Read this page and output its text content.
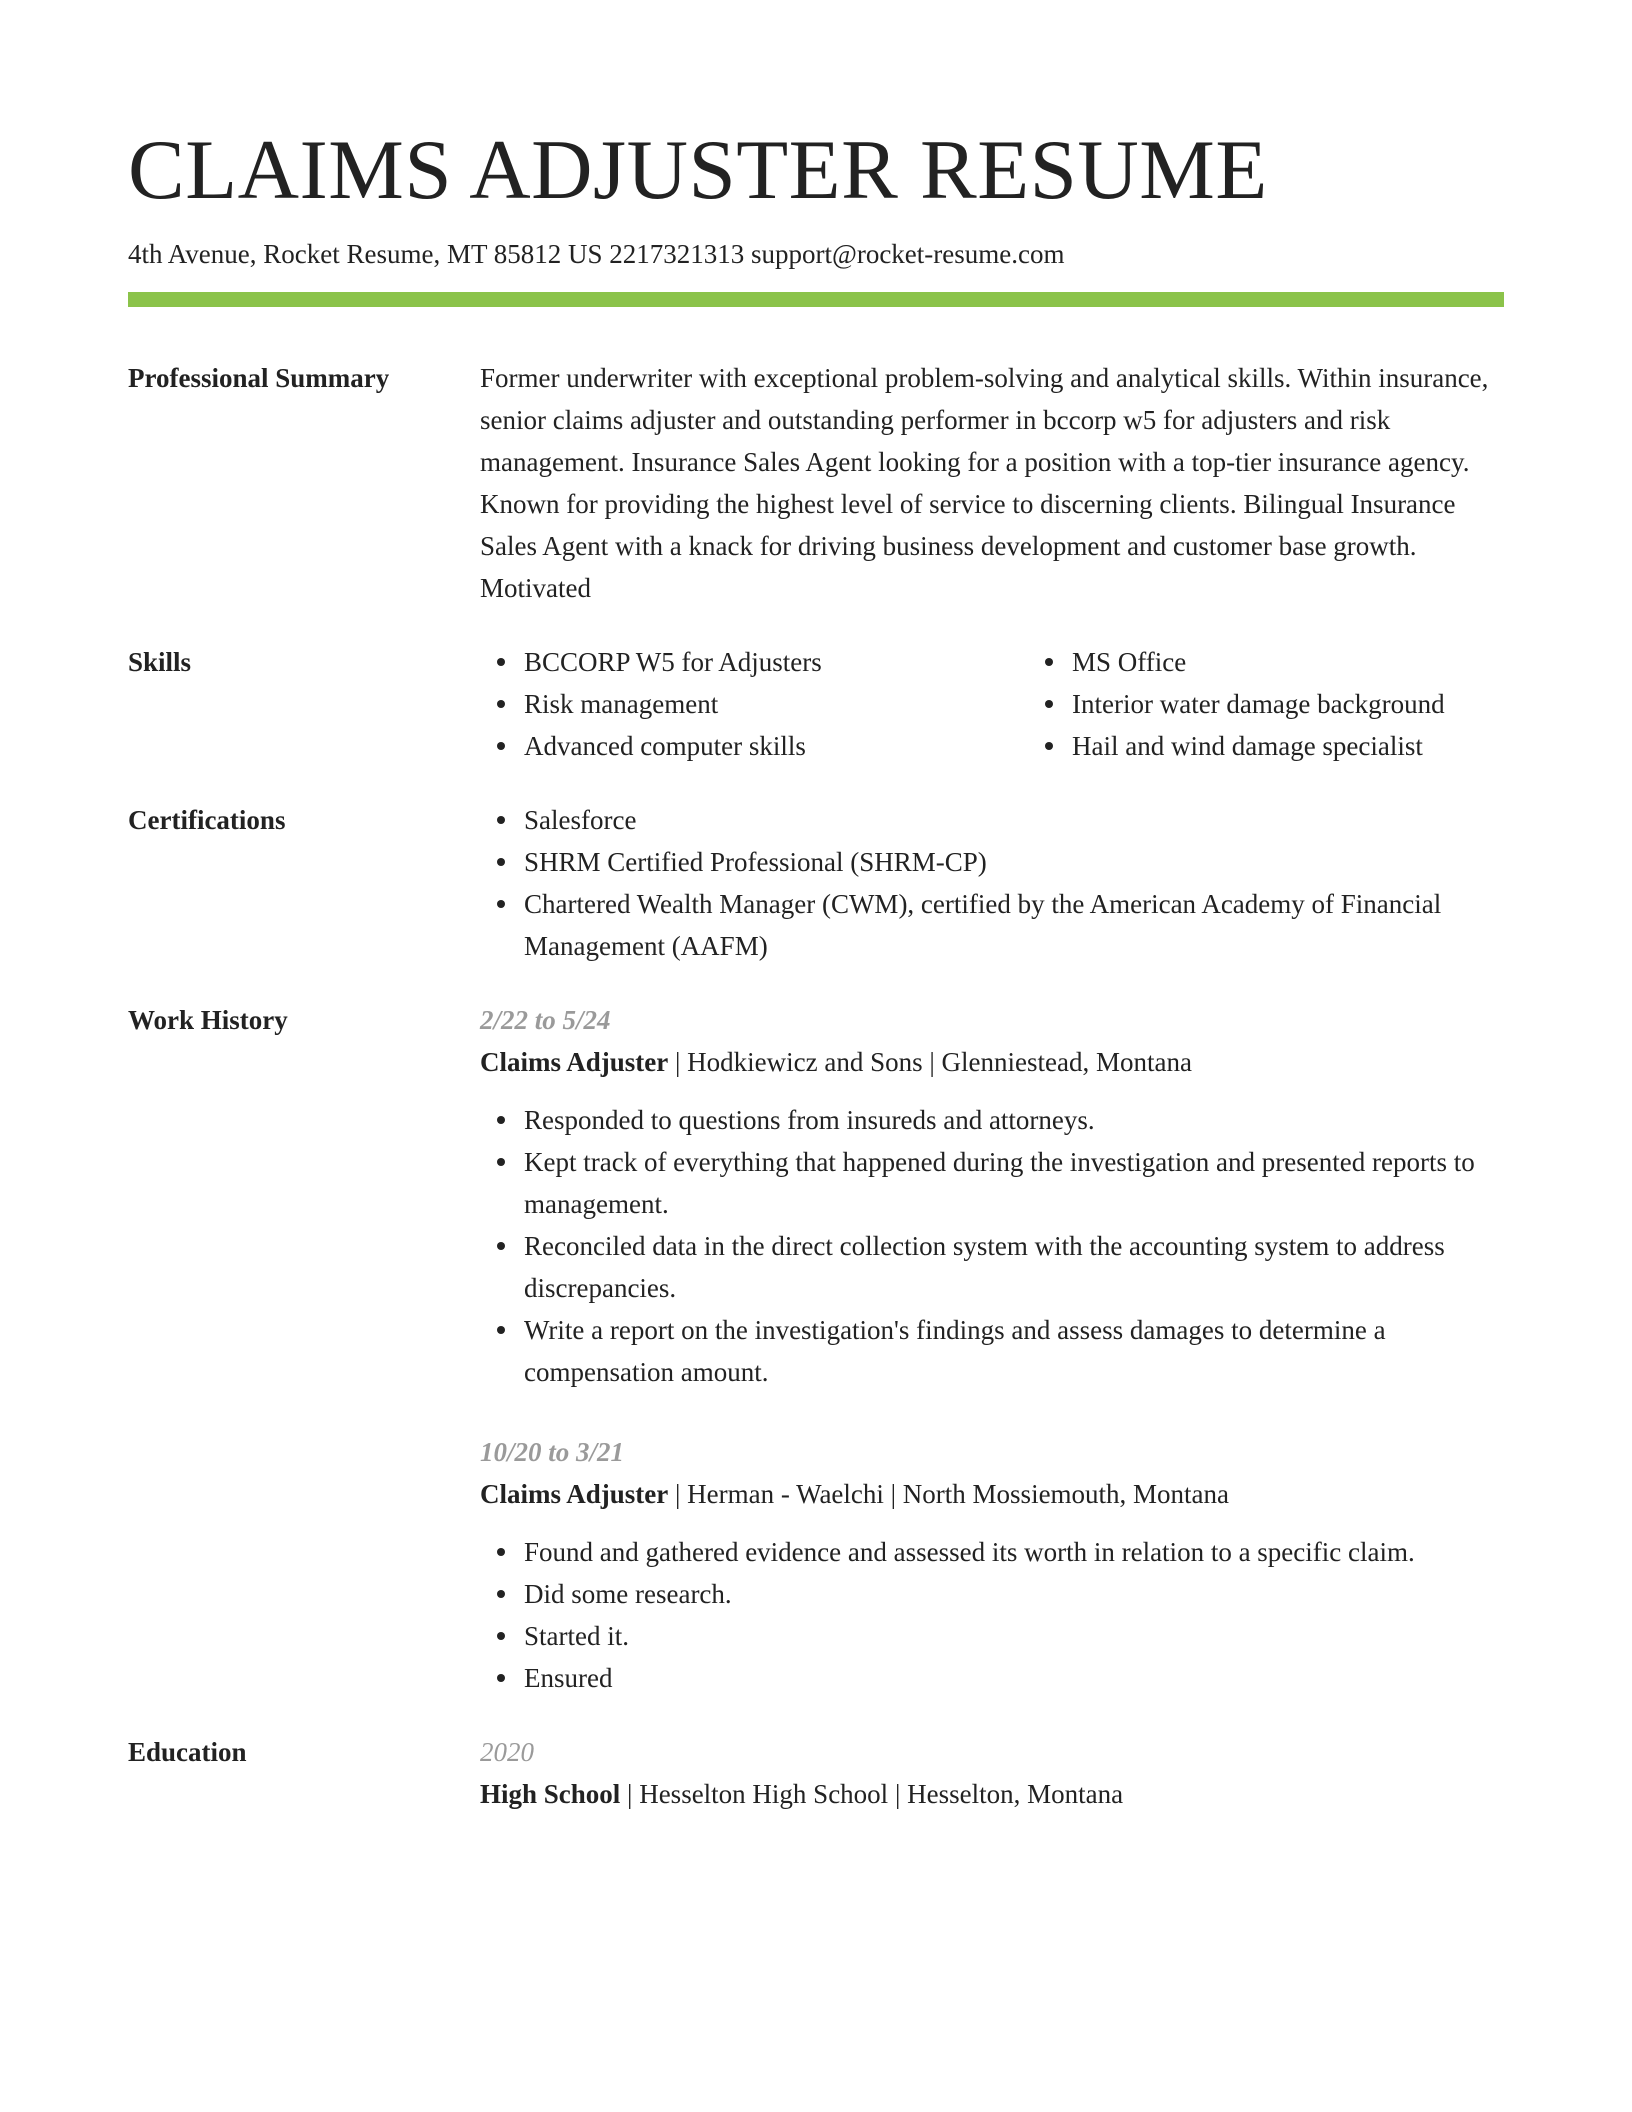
CLAIMS ADJUSTER RESUME
4th Avenue, Rocket Resume, MT 85812 US 2217321313 support@rocket-resume.com
Professional Summary	Former underwriter with exceptional problem-solving and analytical skills. Within insurance, senior claims adjuster and outstanding performer in bccorp w5 for adjusters and risk management. Insurance Sales Agent looking for a position with a top-tier insurance agency. Known for providing the highest level of service to discerning clients. Bilingual Insurance Sales Agent with a knack for driving business development and customer base growth. Motivated
Skills	BCCORP W5 for Adjusters
Risk management
Advanced computer skills
MS Office
Interior water damage background
Hail and wind damage specialist
Certifications	Salesforce
SHRM Certified Professional (SHRM-CP)
Chartered Wealth Manager (CWM), certified by the American Academy of Financial Management (AAFM)
Work History	2/22 to 5/24
Claims Adjuster | Hodkiewicz and Sons | Glenniestead, Montana
Responded to questions from insureds and attorneys.
Kept track of everything that happened during the investigation and presented reports to management.
Reconciled data in the direct collection system with the accounting system to address discrepancies.
Write a report on the investigation's findings and assess damages to determine a compensation amount.
10/20 to 3/21
Claims Adjuster | Herman - Waelchi | North Mossiemouth, Montana
Found and gathered evidence and assessed its worth in relation to a specific claim.
Did some research.
Started it.
Ensured
Education	2020
High School | Hesselton High School | Hesselton, Montana
